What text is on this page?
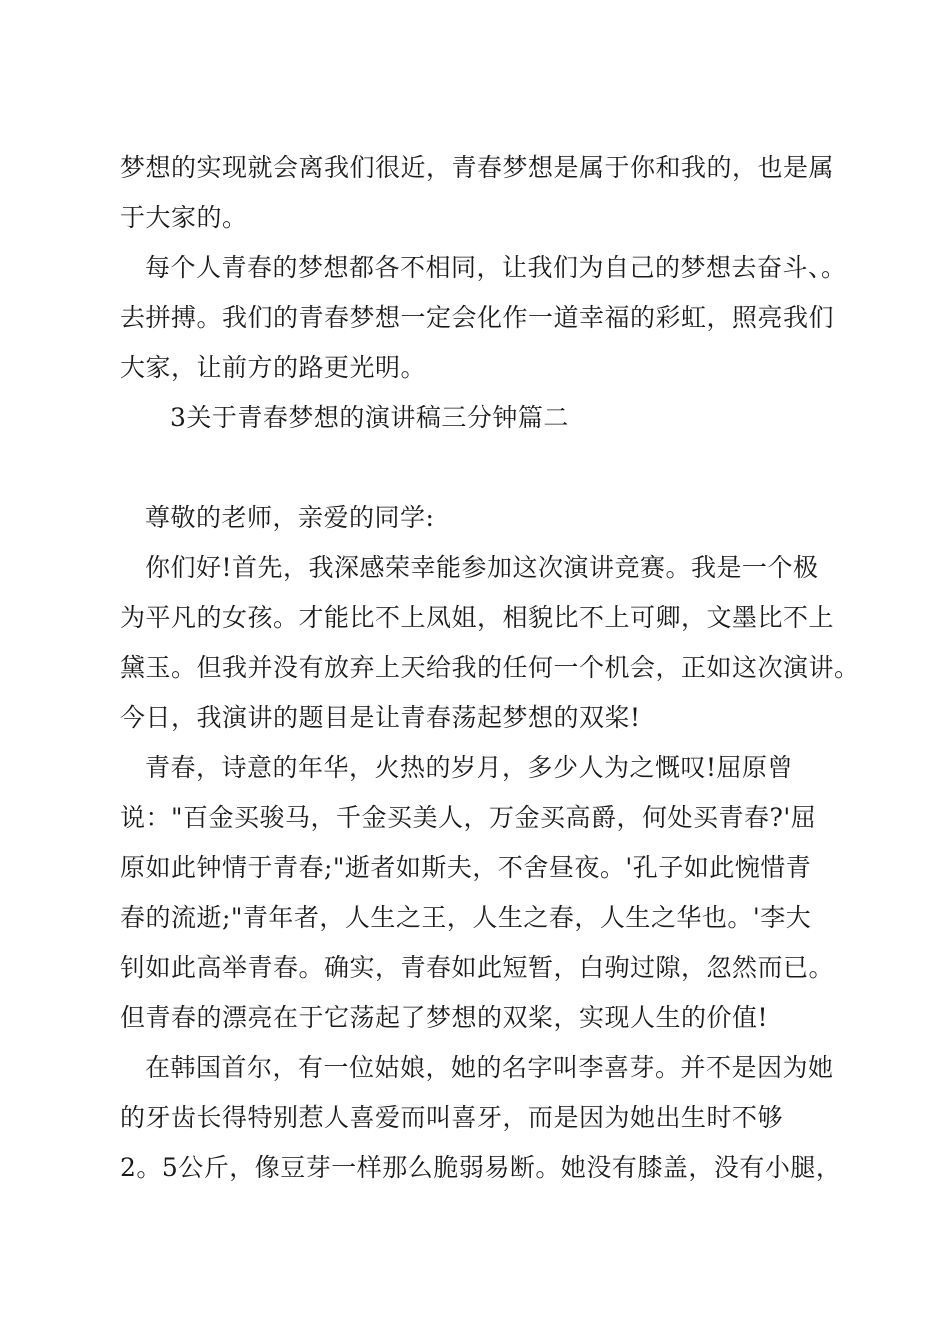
梦想的实现就会离我们很近，青春梦想是属于你和我的，也是属
于大家的。
每个人青春的梦想都各不相同，让我们为自己的梦想去奋斗、。
去拼搏。我们的青春梦想一定会化作一道幸福的彩虹，照亮我们
大家，让前方的路更光明。
3关于青春梦想的演讲稿三分钟篇二
尊敬的老师，亲爱的同学:
你们好!首先，我深感荣幸能参加这次演讲竞赛。我是一个极
为平凡的女孩。才能比不上凤姐，相貌比不上可卿，文墨比不上
黛玉。但我并没有放弃上天给我的任何一个机会，正如这次演讲。
今日，我演讲的题目是让青春荡起梦想的双桨!
青春，诗意的年华，火热的岁月，多少人为之慨叹!屈原曾
说："百金买骏马，千金买美人，万金买高爵，何处买青春?'屈
原如此钟情于青春;"逝者如斯夫，不舍昼夜。'孔子如此惋惜青
春的流逝;"青年者，人生之王，人生之春，人生之华也。'李大
钊如此高举青春。确实，青春如此短暂，白驹过隙，忽然而已。
但青春的漂亮在于它荡起了梦想的双桨，实现人生的价值!
在韩国首尔，有一位姑娘，她的名字叫李喜芽。并不是因为她
的牙齿长得特别惹人喜爱而叫喜牙，而是因为她出生时不够
2。5公斤，像豆芽一样那么脆弱易断。她没有膝盖，没有小腿，
